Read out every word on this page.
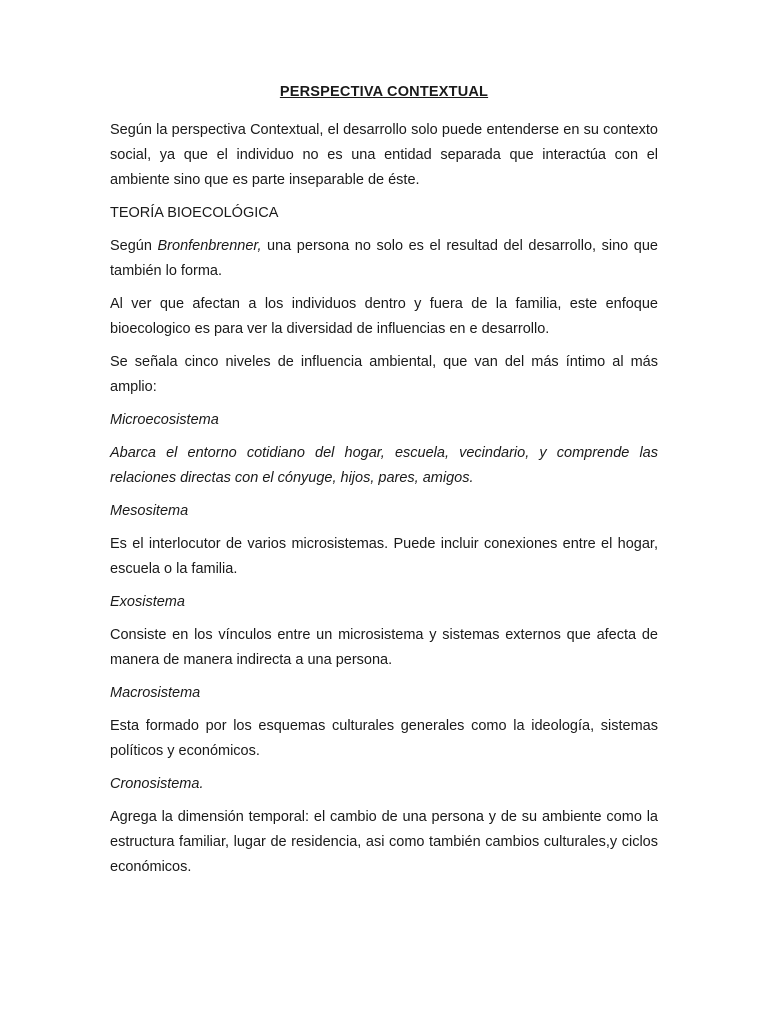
PERSPECTIVA CONTEXTUAL

Según la perspectiva Contextual, el desarrollo solo puede entenderse en su contexto social, ya que el individuo no es una entidad separada que interactúa con el ambiente sino que es parte inseparable de éste.

TEORÍA BIOECOLÓGICA

Según Bronfenbrenner, una persona no solo es el resultad del desarrollo, sino que también lo forma.

Al ver que afectan a los individuos dentro y fuera de la familia, este enfoque bioecologico es para ver la diversidad de influencias en e desarrollo.

Se señala cinco niveles de influencia ambiental, que van del más íntimo al más amplio:

Microecosistema

Abarca el entorno cotidiano del hogar, escuela, vecindario, y comprende las relaciones directas con el cónyuge, hijos, pares, amigos.

Mesositema

Es el interlocutor de varios microsistemas. Puede incluir conexiones entre el hogar, escuela o la familia.

Exosistema

Consiste en los vínculos entre un microsistema y sistemas externos que afecta de manera de manera indirecta a una persona.

Macrosistema

Esta formado por los esquemas culturales generales como la ideología, sistemas políticos y económicos.

Cronosistema.

Agrega la dimensión temporal: el cambio de una persona y de su ambiente como la estructura familiar, lugar de residencia, asi como también cambios culturales,y ciclos económicos.
